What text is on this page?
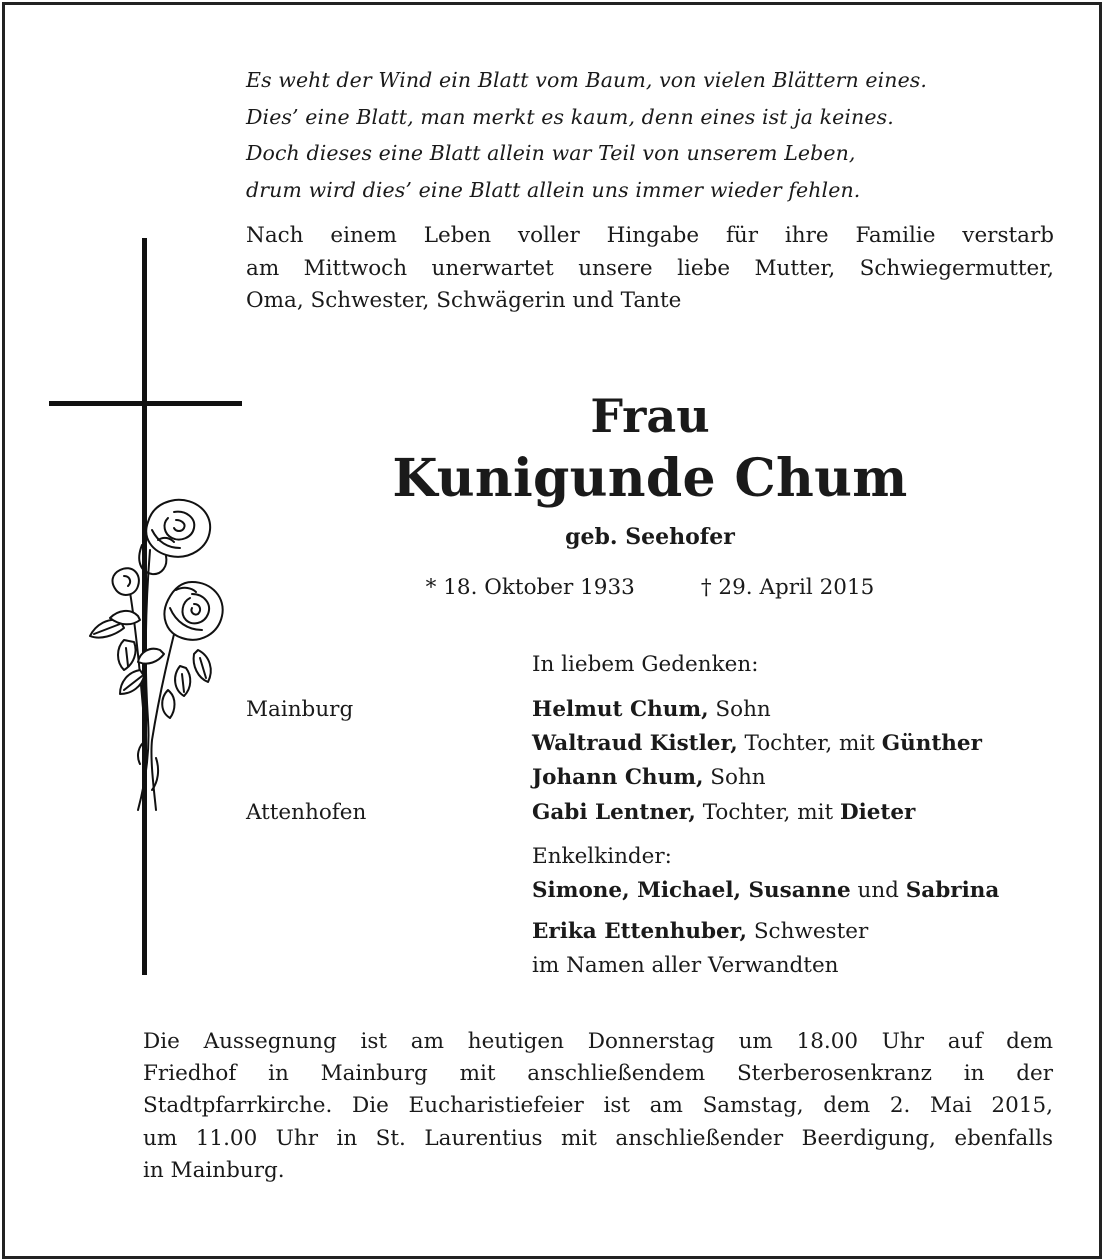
Es weht der Wind ein Blatt vom Baum, von vielen Blättern eines.
Dies’ eine Blatt, man merkt es kaum, denn eines ist ja keines.
Doch dieses eine Blatt allein war Teil von unserem Leben,
drum wird dies’ eine Blatt allein uns immer wieder fehlen.
Nach einem Leben voller Hingabe für ihre Familie verstarb
am Mittwoch unerwartet unsere liebe Mutter, Schwiegermutter,
Oma, Schwester, Schwägerin und Tante
Frau
Kunigunde Chum
geb. Seehofer
* 18. Oktober 1933	† 29. April 2015
In liebem Gedenken:
Mainburg	Helmut Chum, Sohn
Waltraud Kistler, Tochter, mit Günther
Johann Chum, Sohn
Attenhofen	Gabi Lentner, Tochter, mit Dieter
Enkelkinder:
Simone, Michael, Susanne und Sabrina
Erika Ettenhuber, Schwester
im Namen aller Verwandten
Die Aussegnung ist am heutigen Donnerstag um 18.00 Uhr auf dem
Friedhof in Mainburg mit anschließendem Sterberosenkranz in der
Stadtpfarrkirche. Die Eucharistiefeier ist am Samstag, dem 2. Mai 2015,
um 11.00 Uhr in St. Laurentius mit anschließender Beerdigung, ebenfalls
in Mainburg.
